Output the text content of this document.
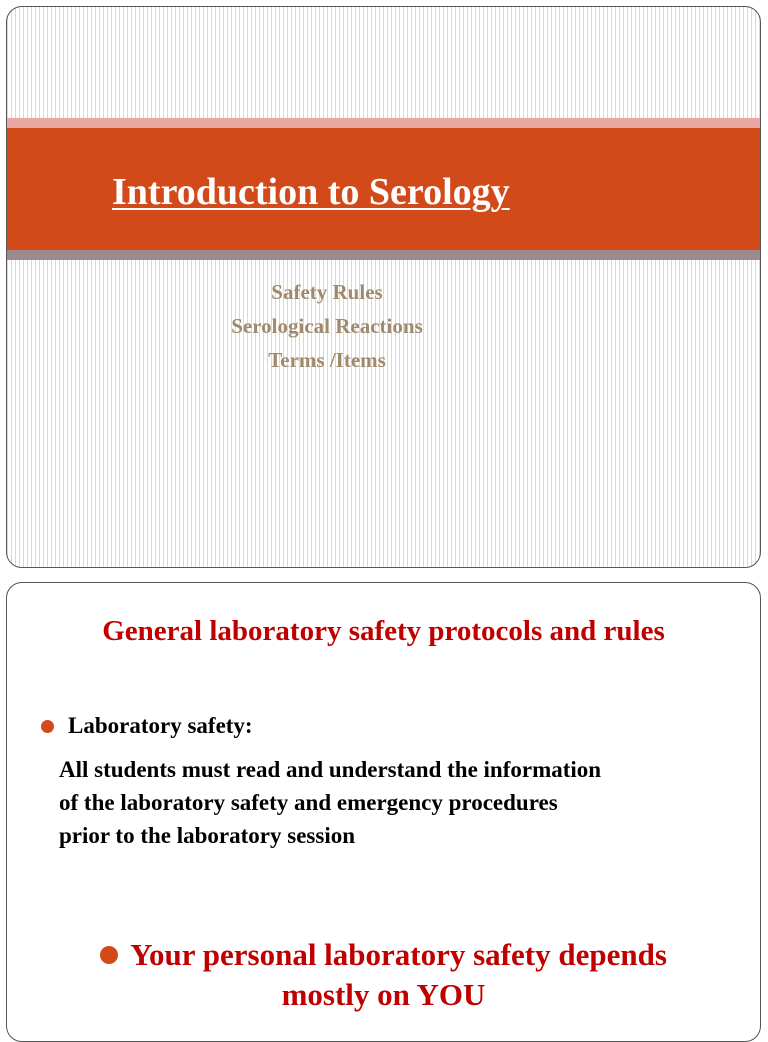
Introduction to Serology
Safety Rules
Serological Reactions
Terms /Items
General laboratory safety protocols and rules
Laboratory safety:
All students must read and understand the information
of the laboratory safety and emergency procedures
prior to the laboratory session
Your personal laboratory safety depends
mostly on YOU
